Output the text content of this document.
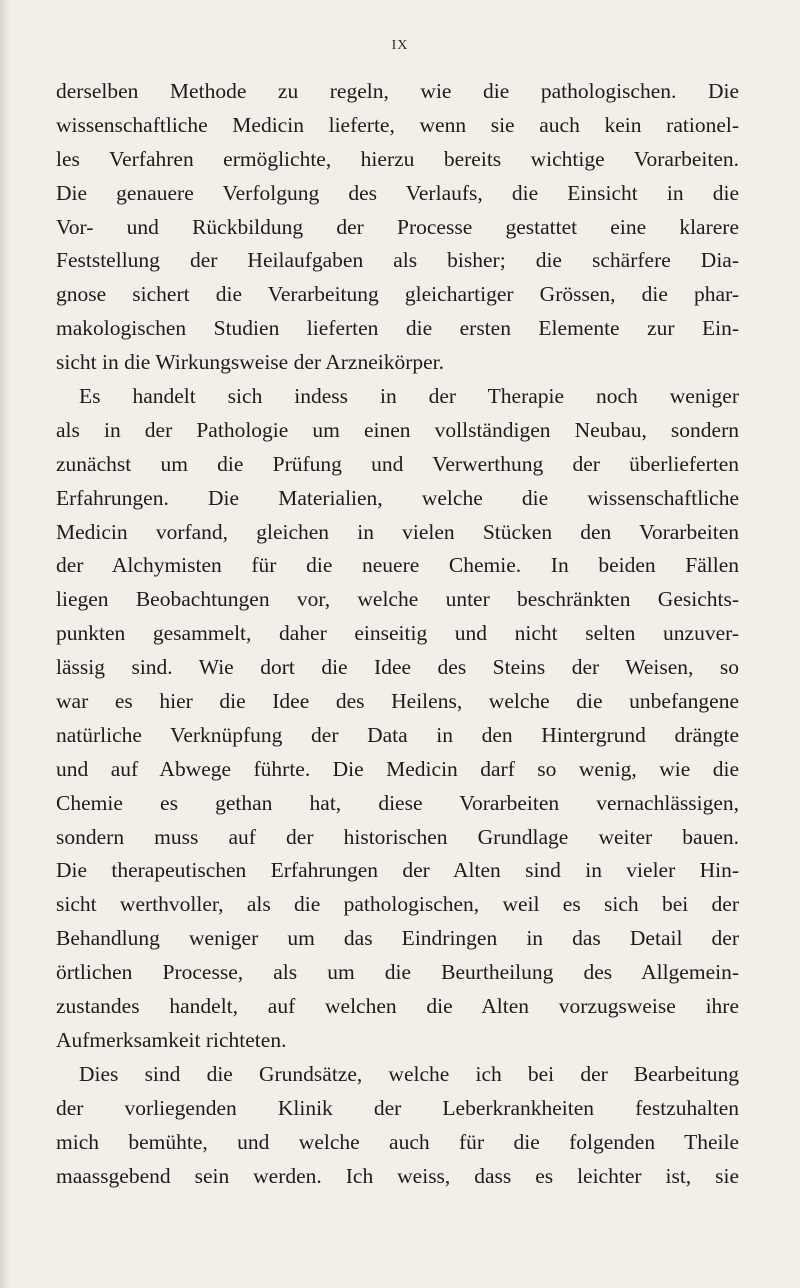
IX
derselben Methode zu regeln, wie die pathologischen. Die
wissenschaftliche Medicin lieferte, wenn sie auch kein rationel-
les Verfahren ermöglichte, hierzu bereits wichtige Vorarbeiten.
Die genauere Verfolgung des Verlaufs, die Einsicht in die
Vor- und Rückbildung der Processe gestattet eine klarere
Feststellung der Heilaufgaben als bisher; die schärfere Dia-
gnose sichert die Verarbeitung gleichartiger Grössen, die phar-
makologischen Studien lieferten die ersten Elemente zur Ein-
sicht in die Wirkungsweise der Arzneikörper.
Es handelt sich indess in der Therapie noch weniger
als in der Pathologie um einen vollständigen Neubau, sondern
zunächst um die Prüfung und Verwerthung der überlieferten
Erfahrungen. Die Materialien, welche die wissenschaftliche
Medicin vorfand, gleichen in vielen Stücken den Vorarbeiten
der Alchymisten für die neuere Chemie. In beiden Fällen
liegen Beobachtungen vor, welche unter beschränkten Gesichts-
punkten gesammelt, daher einseitig und nicht selten unzuver-
lässig sind. Wie dort die Idee des Steins der Weisen, so
war es hier die Idee des Heilens, welche die unbefangene
natürliche Verknüpfung der Data in den Hintergrund drängte
und auf Abwege führte. Die Medicin darf so wenig, wie die
Chemie es gethan hat, diese Vorarbeiten vernachlässigen,
sondern muss auf der historischen Grundlage weiter bauen.
Die therapeutischen Erfahrungen der Alten sind in vieler Hin-
sicht werthvoller, als die pathologischen, weil es sich bei der
Behandlung weniger um das Eindringen in das Detail der
örtlichen Processe, als um die Beurtheilung des Allgemein-
zustandes handelt, auf welchen die Alten vorzugsweise ihre
Aufmerksamkeit richteten.
Dies sind die Grundsätze, welche ich bei der Bearbeitung
der vorliegenden Klinik der Leberkrankheiten festzuhalten
mich bemühte, und welche auch für die folgenden Theile
maassgebend sein werden. Ich weiss, dass es leichter ist, sie
